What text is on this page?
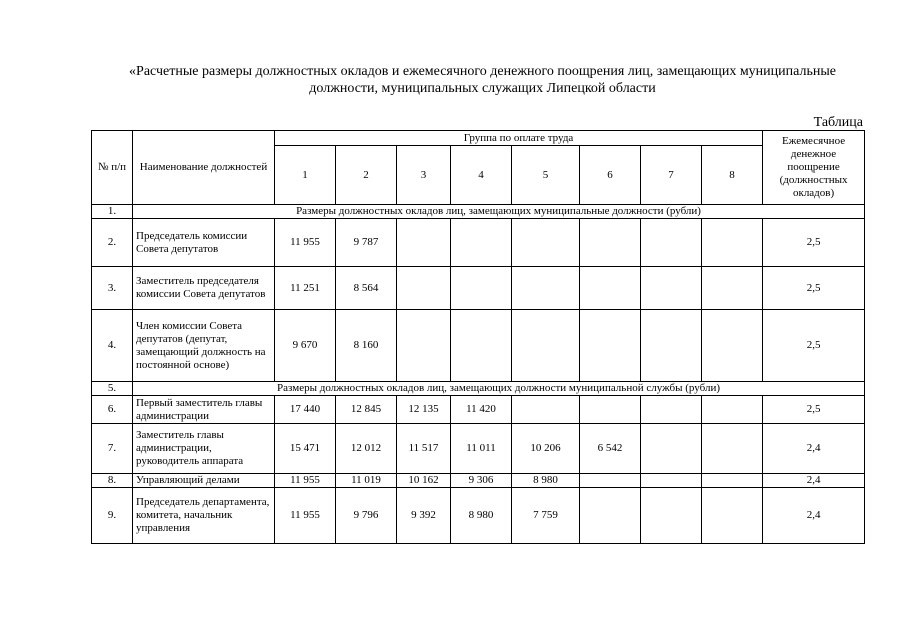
«Расчетные размеры должностных окладов и ежемесячного денежного поощрения лиц, замещающих муниципальные
должности, муниципальных служащих Липецкой области
Таблица
№ п/п	Наименование должностей	Группа по оплате труда								Ежемесячное денежное поощрение (должностных окладов)
		1	2	3	4	5	6	7	8	
1.	Размеры должностных окладов лиц, замещающих муниципальные должности (рубли)									
2.	Председатель комиссии Совета депутатов	11 955	9 787							2,5
3.	Заместитель председателя комиссии Совета депутатов	11 251	8 564							2,5
4.	Член комиссии Совета депутатов (депутат, замещающий должность на постоянной основе)	9 670	8 160							2,5
5.	Размеры должностных окладов лиц, замещающих должности муниципальной службы (рубли)									
6.	Первый заместитель главы администрации	17 440	12 845	12 135	11 420					2,5
7.	Заместитель главы администрации, руководитель аппарата	15 471	12 012	11 517	11 011	10 206	6 542			2,4
8.	Управляющий делами	11 955	11 019	10 162	9 306	8 980				2,4
9.	Председатель департамента, комитета, начальник управления	11 955	9 796	9 392	8 980	7 759				2,4
